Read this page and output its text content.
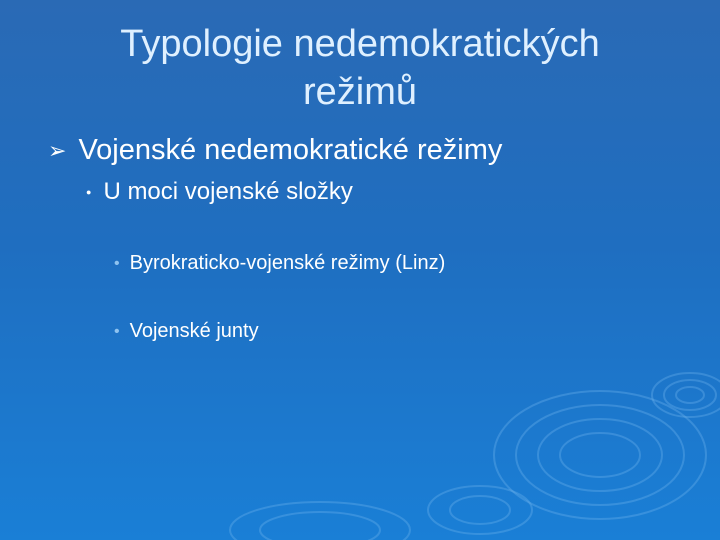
Typologie nedemokratických režimů
➢ Vojenské nedemokratické režimy
● U moci vojenské složky
• Byrokraticko-vojenské režimy (Linz)
• Vojenské junty
